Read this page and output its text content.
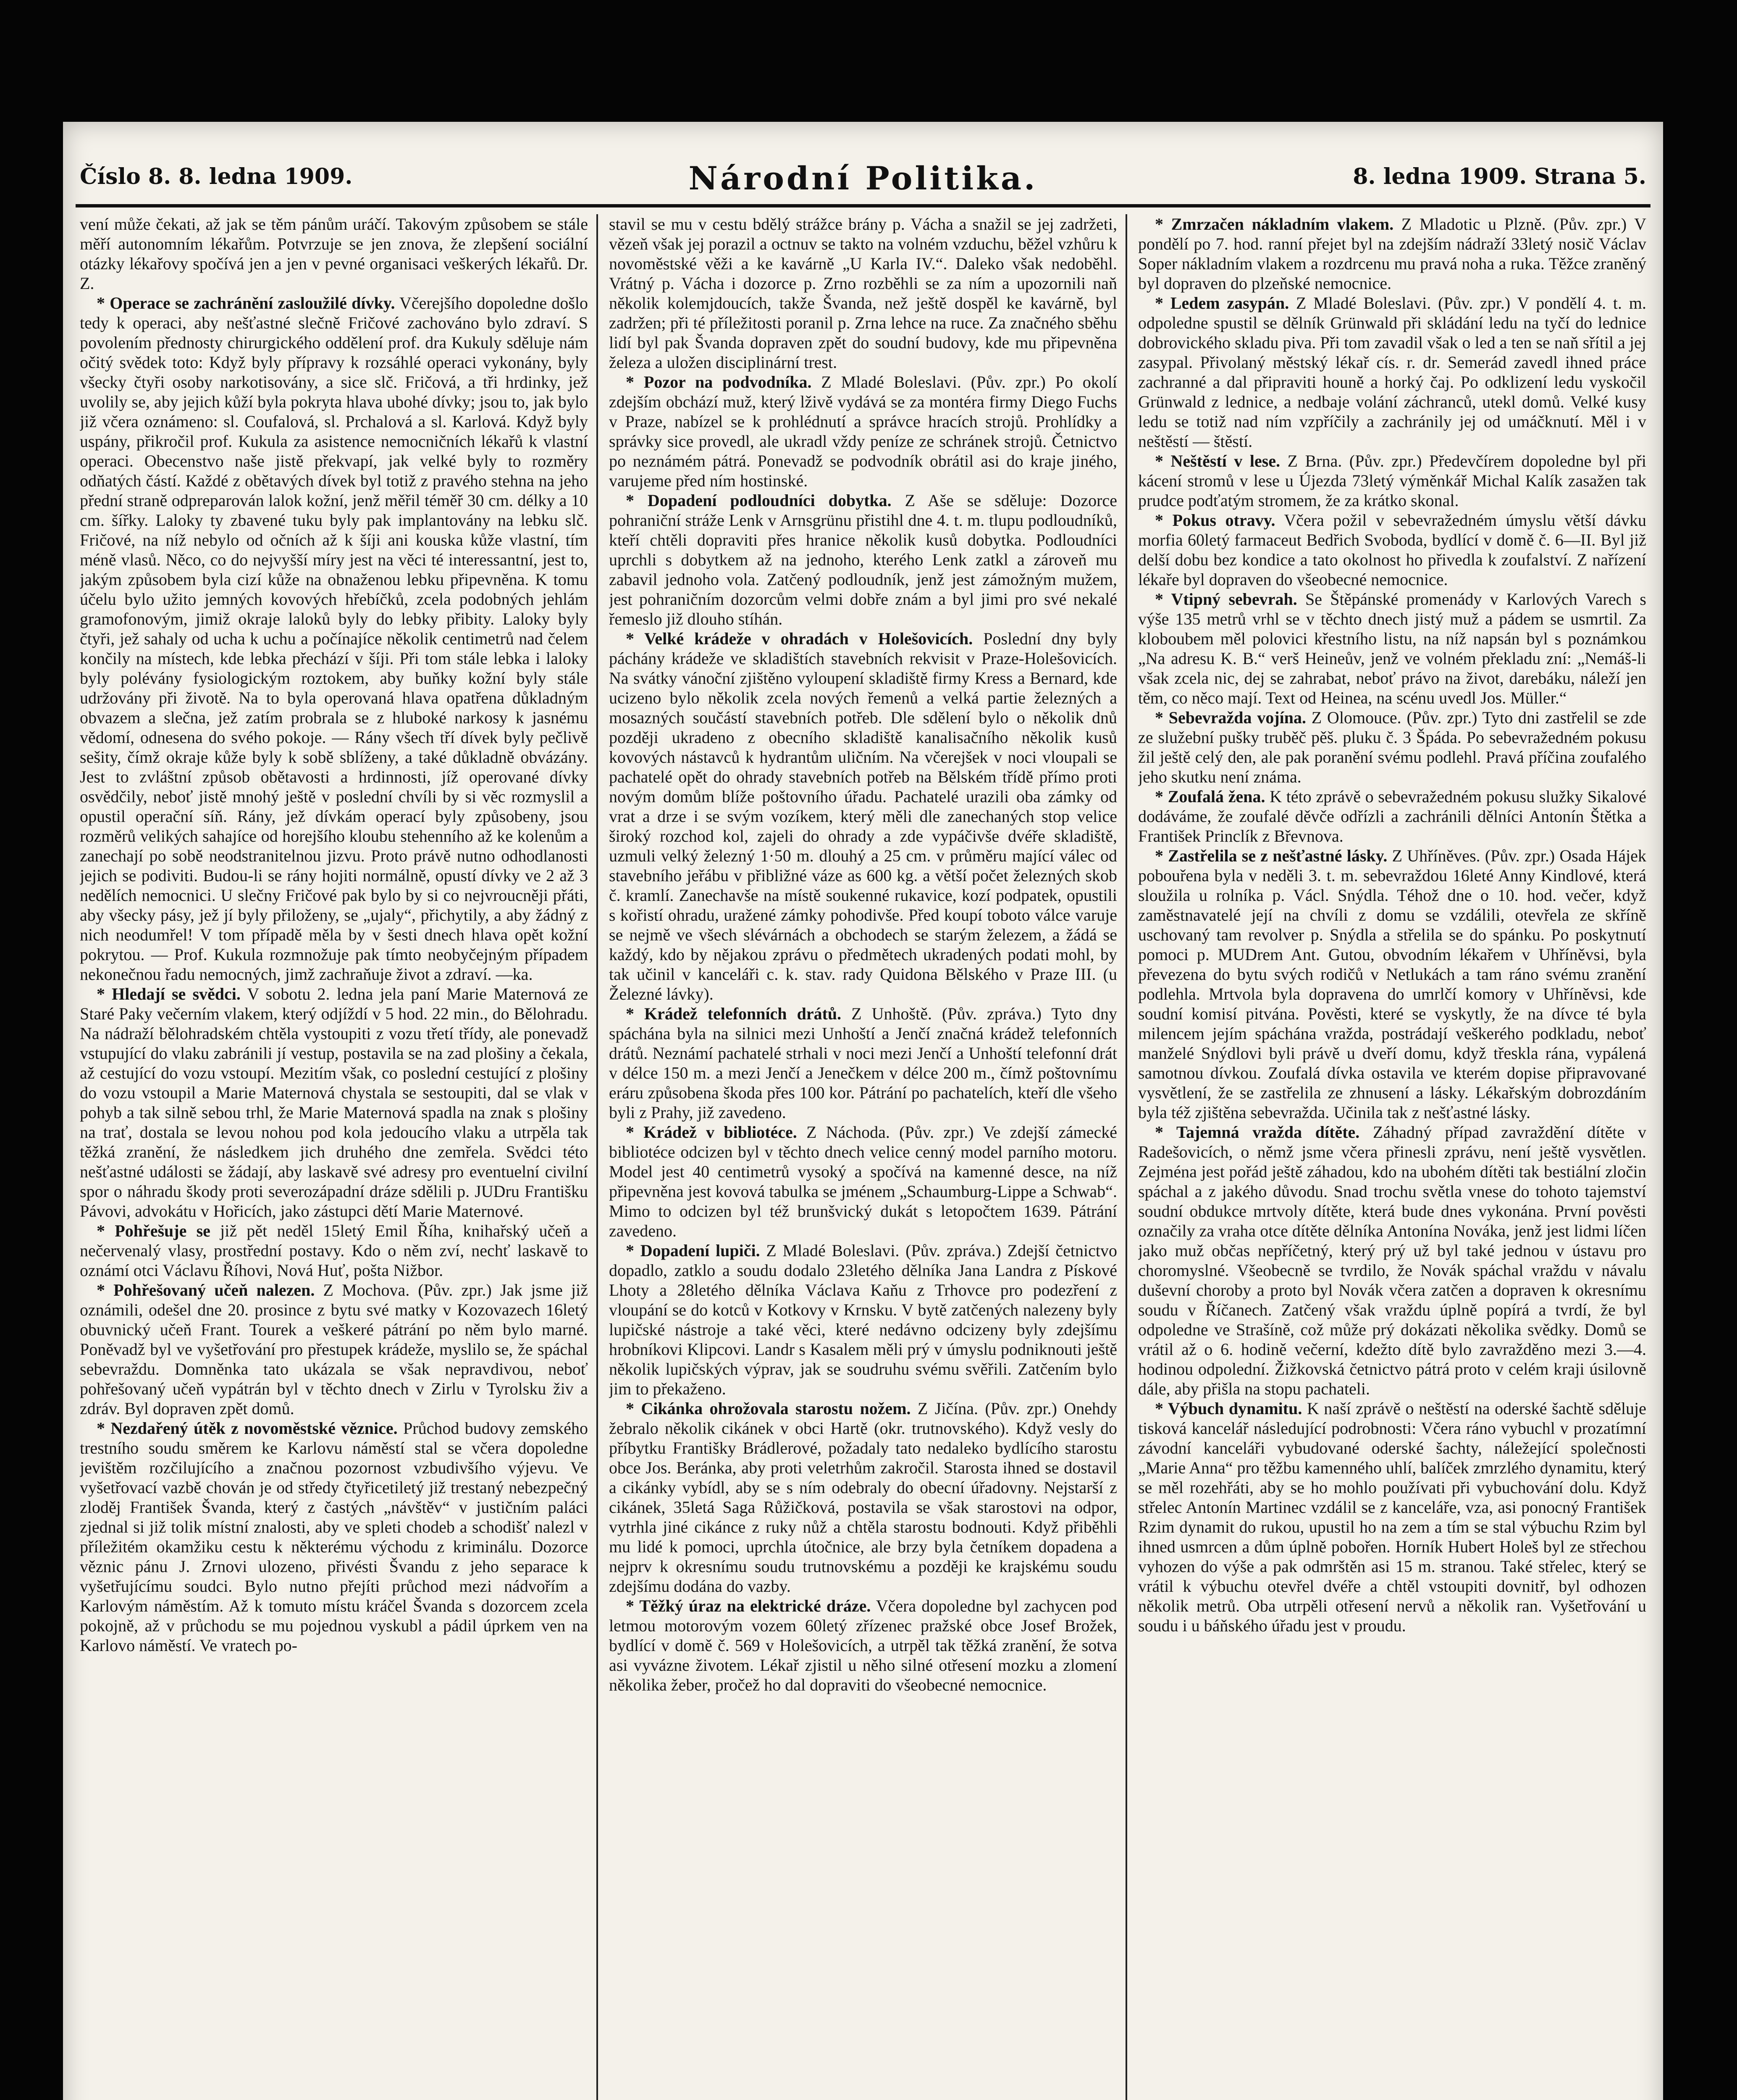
Číslo 8. 8. ledna 1909.	Národní Politika.	8. ledna 1909. Strana 5.

vení může čekati, až jak se těm pánům uráčí. Takovým způsobem se stále měří autonomním lékařům. Potvrzuje se jen znova, že zlepšení sociální otázky lékařovy spočívá jen a jen v pevné organisaci veškerých lékařů. Dr. Z.

* Operace se zachránění zasloužilé dívky. Včerejšího dopoledne došlo tedy k operaci, aby nešťastné slečně Fričové zachováno bylo zdraví. S povolením přednosty chirurgického oddělení prof. dra Kukuly sděluje nám očitý svědek toto: Když byly přípravy k rozsáhlé operaci vykonány, byly všecky čtyři osoby narkotisovány, a sice slč. Fričová, a tři hrdinky, jež uvolily se, aby jejich kůží byla pokryta hlava ubohé dívky; jsou to, jak bylo již včera oznámeno: sl. Coufalová, sl. Prchalová a sl. Karlová. Když byly uspány, přikročil prof. Kukula za asistence nemocničních lékařů k vlastní operaci. Obecenstvo naše jistě překvapí, jak velké byly to rozměry odňatých částí. Každé z obětavých dívek byl totiž z pravého stehna na jeho přední straně odpreparován lalok kožní, jenž měřil téměř 30 cm. délky a 10 cm. šířky. Laloky ty zbavené tuku byly pak implantovány na lebku slč. Fričové, na níž nebylo od očních až k šíji ani kouska kůže vlastní, tím méně vlasů. Něco, co do nejvyšší míry jest na věci té interessantní, jest to, jakým způsobem byla cizí kůže na obnaženou lebku připevněna. K tomu účelu bylo užito jemných kovových hřebíčků, zcela podobných jehlám gramofonovým, jimiž okraje laloků byly do lebky přibity. Laloky byly čtyři, jež sahaly od ucha k uchu a počínajíce několik centimetrů nad čelem končily na místech, kde lebka přechází v šíji. Při tom stále lebka i laloky byly polévány fysiologickým roztokem, aby buňky kožní byly stále udržovány při životě. Na to byla operovaná hlava opatřena důkladným obvazem a slečna, jež zatím probrala se z hluboké narkosy k jasnému vědomí, odnesena do svého pokoje. — Rány všech tří dívek byly pečlivě sešity, čímž okraje kůže byly k sobě sblíženy, a také důkladně obvázány. Jest to zvláštní způsob obětavosti a hrdinnosti, jíž operované dívky osvědčily, neboť jistě mnohý ještě v poslední chvíli by si věc rozmyslil a opustil operační síň. Rány, jež dívkám operací byly způsobeny, jsou rozměrů velikých sahajíce od horejšího kloubu stehenního až ke kolenům a zanechají po sobě neodstranitelnou jizvu. Proto právě nutno odhodlanosti jejich se podiviti. Budou-li se rány hojiti normálně, opustí dívky ve 2 až 3 nedělích nemocnici. U slečny Fričové pak bylo by si co nejvroucněji přáti, aby všecky pásy, jež jí byly přiloženy, se „ujaly“, přichytily, a aby žádný z nich neodumřel! V tom případě měla by v šesti dnech hlava opět kožní pokrytou. — Prof. Kukula rozmnožuje pak tímto neobyčejným případem nekonečnou řadu nemocných, jimž zachraňuje život a zdraví. —ka.

* Hledají se svědci. V sobotu 2. ledna jela paní Marie Maternová ze Staré Paky večerním vlakem, který odjíždí v 5 hod. 22 min., do Bělohradu. Na nádraží bělohradském chtěla vystoupiti z vozu třetí třídy, ale ponevadž vstupující do vlaku zabránili jí vestup, postavila se na zad plošiny a čekala, až cestující do vozu vstoupí. Mezitím však, co poslední cestující z plošiny do vozu vstoupil a Marie Maternová chystala se sestoupiti, dal se vlak v pohyb a tak silně sebou trhl, že Marie Maternová spadla na znak s plošiny na trať, dostala se levou nohou pod kola jedoucího vlaku a utrpěla tak těžká zranění, že následkem jich druhého dne zemřela. Svědci této nešťastné události se žádají, aby laskavě své adresy pro eventuelní civilní spor o náhradu škody proti severozápadní dráze sdělili p. JUDru Františku Pávovi, advokátu v Hořicích, jako zástupci dětí Marie Maternové.

* Pohřešuje se již pět neděl 15letý Emil Říha, knihařský učeň a nečervenalý vlasy, prostřední postavy. Kdo o něm zví, nechť laskavě to oznámí otci Václavu Říhovi, Nová Huť, pošta Nižbor.

* Pohřešovaný učeň nalezen. Z Mochova. (Pův. zpr.) Jak jsme již oznámili, odešel dne 20. prosince z bytu své matky v Kozovazech 16letý obuvnický učeň Frant. Tourek a veškeré pátrání po něm bylo marné. Poněvadž byl ve vyšetřování pro přestupek krádeže, myslilo se, že spáchal sebevraždu. Domněnka tato ukázala se však nepravdivou, neboť pohřešovaný učeň vypátrán byl v těchto dnech v Zirlu v Tyrolsku živ a zdráv. Byl dopraven zpět domů.

* Nezdařený útěk z novoměstské věznice. Průchod budovy zemského trestního soudu směrem ke Karlovu náměstí stal se včera dopoledne jevištěm rozčilujícího a značnou pozornost vzbudivšího výjevu. Ve vyšetřovací vazbě chován je od středy čtyřicetiletý již trestaný nebezpečný zloděj František Švanda, který z častých „návštěv“ v justičním paláci zjednal si již tolik místní znalosti, aby ve spleti chodeb a schodišť nalezl v příležitém okamžiku cestu k některému východu z kriminálu. Dozorce věznic pánu J. Zrnovi ulozeno, přivésti Švandu z jeho separace k vyšetřujícímu soudci. Bylo nutno přejíti průchod mezi nádvořím a Karlovým náměstím. Až k tomuto místu kráčel Švanda s dozorcem zcela pokojně, až v průchodu se mu pojednou vyskubl a pádil úprkem ven na Karlovo náměstí. Ve vratech po-

stavil se mu v cestu bdělý strážce brány p. Vácha a snažil se jej zadržeti, vězeň však jej porazil a octnuv se takto na volném vzduchu, běžel vzhůru k novoměstské věži a ke kavárně „U Karla IV.“. Daleko však nedoběhl. Vrátný p. Vácha i dozorce p. Zrno rozběhli se za ním a upozornili naň několik kolemjdoucích, takže Švanda, než ještě dospěl ke kavárně, byl zadržen; při té příležitosti poranil p. Zrna lehce na ruce. Za značného sběhu lidí byl pak Švanda dopraven zpět do soudní budovy, kde mu připevněna železa a uložen disciplinární trest.

* Pozor na podvodníka. Z Mladé Boleslavi. (Pův. zpr.) Po okolí zdejším obchází muž, který lživě vydává se za montéra firmy Diego Fuchs v Praze, nabízel se k prohlédnutí a správce hracích strojů. Prohlídky a správky sice provedl, ale ukradl vždy peníze ze schránek strojů. Četnictvo po neznámém pátrá. Ponevadž se podvodník obrátil asi do kraje jiného, varujeme před ním hostinské.

* Dopadení podloudníci dobytka. Z Aše se sděluje: Dozorce pohraniční stráže Lenk v Arnsgrünu přistihl dne 4. t. m. tlupu podloudníků, kteří chtěli dopraviti přes hranice několik kusů dobytka. Podloudníci uprchli s dobytkem až na jednoho, kterého Lenk zatkl a zároveň mu zabavil jednoho vola. Zatčený podloudník, jenž jest zámožným mužem, jest pohraničním dozorcům velmi dobře znám a byl jimi pro své nekalé řemeslo již dlouho stíhán.

* Velké krádeže v ohradách v Holešovicích. Poslední dny byly páchány krádeže ve skladištích stavebních rekvisit v Praze-Holešovicích. Na svátky vánoční zjištěno vyloupení skladiště firmy Kress a Bernard, kde ucizeno bylo několik zcela nových řemenů a velká partie železných a mosazných součástí stavebních potřeb. Dle sdělení bylo o několik dnů později ukradeno z obecního skladiště kanalisačního několik kusů kovových nástavců k hydrantům uličním. Na včerejšek v noci vloupali se pachatelé opět do ohrady stavebních potřeb na Bělském třídě přímo proti novým domům blíže poštovního úřadu. Pachatelé urazili oba zámky od vrat a drze i se svým vozíkem, který měli dle zanechaných stop velice široký rozchod kol, zajeli do ohrady a zde vypáčivše dvéře skladiště, uzmuli velký železný 1·50 m. dlouhý a 25 cm. v průměru mající válec od stavebního jeřábu v přibližné váze as 600 kg. a větší počet železných skob č. kramlí. Zanechavše na místě soukenné rukavice, kozí podpatek, opustili s kořistí ohradu, uražené zámky pohodivše. Před koupí toboto válce varuje se nejmě ve všech slévárnách a obchodech se starým železem, a žádá se každý, kdo by nějakou zprávu o předmětech ukradených podati mohl, by tak učinil v kanceláři c. k. stav. rady Quidona Bělského v Praze III. (u Železné lávky).

* Krádež telefonních drátů. Z Unhoště. (Pův. zpráva.) Tyto dny spáchána byla na silnici mezi Unhoští a Jenčí značná krádež telefonních drátů. Neznámí pachatelé strhali v noci mezi Jenčí a Unhoští telefonní drát v délce 150 m. a mezi Jenčí a Jenečkem v délce 200 m., čímž poštovnímu eráru způsobena škoda přes 100 kor. Pátrání po pachatelích, kteří dle všeho byli z Prahy, již zavedeno.

* Krádež v bibliotéce. Z Náchoda. (Pův. zpr.) Ve zdejší zámecké bibliotéce odcizen byl v těchto dnech velice cenný model parního motoru. Model jest 40 centimetrů vysoký a spočívá na kamenné desce, na níž připevněna jest kovová tabulka se jménem „Schaumburg-Lippe a Schwab“. Mimo to odcizen byl též brunšvický dukát s letopočtem 1639. Pátrání zavedeno.

* Dopadení lupiči. Z Mladé Boleslavi. (Pův. zpráva.) Zdejší četnictvo dopadlo, zatklo a soudu dodalo 23letého dělníka Jana Landra z Pískové Lhoty a 28letého dělníka Václava Kaňu z Trhovce pro podezření z vloupání se do kotců v Kotkovy v Krnsku. V bytě zatčených nalezeny byly lupičské nástroje a také věci, které nedávno odcizeny byly zdejšímu hrobníkovi Klipcovi. Landr s Kasalem měli prý v úmyslu podniknouti ještě několik lupičských výprav, jak se soudruhu svému svěřili. Zatčením bylo jim to překaženo.

* Cikánka ohrožovala starostu nožem. Z Jičína. (Pův. zpr.) Onehdy žebralo několik cikánek v obci Hartě (okr. trutnovského). Když vesly do příbytku Františky Brádlerové, požadaly tato nedaleko bydlícího starostu obce Jos. Beránka, aby proti veletrhům zakročil. Starosta ihned se dostavil a cikánky vybídl, aby se s ním odebraly do obecní úřadovny. Nejstarší z cikánek, 35letá Saga Růžičková, postavila se však starostovi na odpor, vytrhla jiné cikánce z ruky nůž a chtěla starostu bodnouti. Když přiběhli mu lidé k pomoci, uprchla útočnice, ale brzy byla četníkem dopadena a nejprv k okresnímu soudu trutnovskému a později ke krajskému soudu zdejšímu dodána do vazby.

* Těžký úraz na elektrické dráze. Včera dopoledne byl zachycen pod letmou motorovým vozem 60letý zřízenec pražské obce Josef Brožek, bydlící v domě č. 569 v Holešovicích, a utrpěl tak těžká zranění, že sotva asi vyvázne životem. Lékař zjistil u něho silné otřesení mozku a zlomení několika žeber, pročež ho dal dopraviti do všeobecné nemocnice.

* Zmrzačen nákladním vlakem. Z Mladotic u Plzně. (Pův. zpr.) V pondělí po 7. hod. ranní přejet byl na zdejším nádraží 33letý nosič Václav Soper nákladním vlakem a rozdrcenu mu pravá noha a ruka. Těžce zraněný byl dopraven do plzeňské nemocnice.

* Ledem zasypán. Z Mladé Boleslavi. (Pův. zpr.) V pondělí 4. t. m. odpoledne spustil se dělník Grünwald při skládání ledu na tyčí do lednice dobrovického skladu piva. Při tom zavadil však o led a ten se naň sřítil a jej zasypal. Přivolaný městský lékař cís. r. dr. Semerád zavedl ihned práce zachranné a dal připraviti houně a horký čaj. Po odklizení ledu vyskočil Grünwald z lednice, a nedbaje volání záchranců, utekl domů. Velké kusy ledu se totiž nad ním vzpříčily a zachránily jej od umáčknutí. Měl i v neštěstí — štěstí.

* Neštěstí v lese. Z Brna. (Pův. zpr.) Předevčírem dopoledne byl při kácení stromů v lese u Újezda 73letý výměnkář Michal Kalík zasažen tak prudce podťatým stromem, že za krátko skonal.

* Pokus otravy. Včera požil v sebevražedném úmyslu větší dávku morfia 60letý farmaceut Bedřich Svoboda, bydlící v domě č. 6—II. Byl již delší dobu bez kondice a tato okolnost ho přivedla k zoufalství. Z nařízení lékaře byl dopraven do všeobecné nemocnice.

* Vtipný sebevrah. Se Štěpánské promenády v Karlových Varech s výše 135 metrů vrhl se v těchto dnech jistý muž a pádem se usmrtil. Za kloboubem měl polovici křestního listu, na níž napsán byl s poznámkou „Na adresu K. B.“ verš Heineův, jenž ve volném překladu zní: „Nemáš-li však zcela nic, dej se zahrabat, neboť právo na život, darebáku, náleží jen těm, co něco mají. Text od Heinea, na scénu uvedl Jos. Müller.“

* Sebevražda vojína. Z Olomouce. (Pův. zpr.) Tyto dni zastřelil se zde ze služební pušky truběč pěš. pluku č. 3 Špáda. Po sebevražedném pokusu žil ještě celý den, ale pak poranění svému podlehl. Pravá příčina zoufalého jeho skutku není známa.

* Zoufalá žena. K této zprávě o sebevražedném pokusu služky Sikalové dodáváme, že zoufalé děvče odřízli a zachránili dělníci Antonín Štětka a František Princlík z Břevnova.

* Zastřelila se z nešťastné lásky. Z Uhříněves. (Pův. zpr.) Osada Hájek pobouřena byla v neděli 3. t. m. sebevraždou 16leté Anny Kindlové, která sloužila u rolníka p. Václ. Snýdla. Téhož dne o 10. hod. večer, když zaměstnavatelé její na chvíli z domu se vzdálili, otevřela ze skříně uschovaný tam revolver p. Snýdla a střelila se do spánku. Po poskytnutí pomoci p. MUDrem Ant. Gutou, obvodním lékařem v Uhříněvsi, byla převezena do bytu svých rodičů v Netlukách a tam ráno svému zranění podlehla. Mrtvola byla dopravena do umrlčí komory v Uhříněvsi, kde soudní komisí pitvána. Pověsti, které se vyskytly, že na dívce té byla milencem jejím spáchána vražda, postrádají veškerého podkladu, neboť manželé Snýdlovi byli právě u dveří domu, když třeskla rána, vypálená samotnou dívkou. Zoufalá dívka ostavila ve kterém dopise připravované vysvětlení, že se zastřelila ze zhnusení a lásky. Lékařským dobrozdáním byla též zjištěna sebevražda. Učinila tak z nešťastné lásky.

* Tajemná vražda dítěte. Záhadný případ zavraždění dítěte v Radešovicích, o němž jsme včera přinesli zprávu, není ještě vysvětlen. Zejména jest pořád ještě záhadou, kdo na ubohém dítěti tak bestiální zločin spáchal a z jakého důvodu. Snad trochu světla vnese do tohoto tajemství soudní obdukce mrtvoly dítěte, která bude dnes vykonána. První pověsti označily za vraha otce dítěte dělníka Antonína Nováka, jenž jest lidmi líčen jako muž občas nepříčetný, který prý už byl také jednou v ústavu pro choromyslné. Všeobecně se tvrdilo, že Novák spáchal vraždu v návalu duševní choroby a proto byl Novák včera zatčen a dopraven k okresnímu soudu v Říčanech. Zatčený však vraždu úplně popírá a tvrdí, že byl odpoledne ve Strašíně, což může prý dokázati několika svědky. Domů se vrátil až o 6. hodině večerní, kdežto dítě bylo zavražděno mezi 3.—4. hodinou odpolední. Žižkovská četnictvo pátrá proto v celém kraji úsilovně dále, aby přišla na stopu pachateli.

* Výbuch dynamitu. K naší zprávě o neštěstí na oderské šachtě sděluje tisková kancelář následující podrobnosti: Včera ráno vybuchl v prozatímní závodní kanceláři vybudované oderské šachty, náležející společnosti „Marie Anna“ pro těžbu kamenného uhlí, balíček zmrzlého dynamitu, který se měl rozehřáti, aby se ho mohlo používati při vybuchování dolu. Když střelec Antonín Martinec vzdálil se z kanceláře, vza, asi ponocný František Rzim dynamit do rukou, upustil ho na zem a tím se stal výbuchu Rzim byl ihned usmrcen a dům úplně pobořen. Horník Hubert Holeš byl ze střechou vyhozen do výše a pak odmrštěn asi 15 m. stranou. Také střelec, který se vrátil k výbuchu otevřel dvéře a chtěl vstoupiti dovnitř, byl odhozen několik metrů. Oba utrpěli otřesení nervů a několik ran. Vyšetřování u soudu i u báňského úřadu jest v proudu.
